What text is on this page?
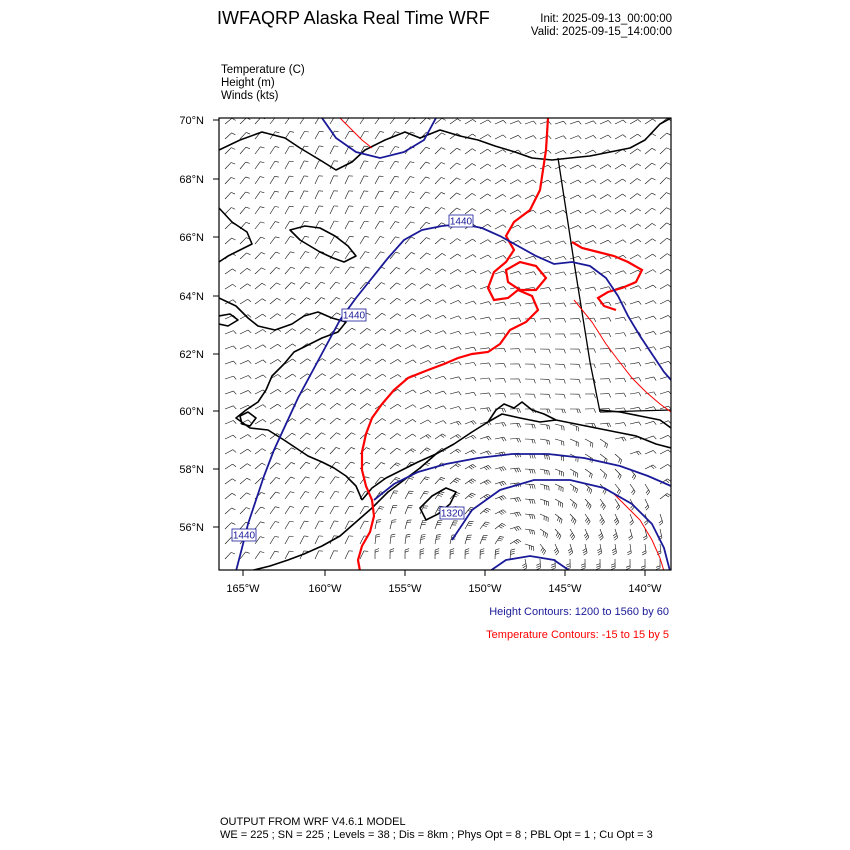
IWFAQRP Alaska Real Time WRF	Init: 2025-09-13_00:00:00
Valid: 2025-09-15_14:00:00
Temperature (C)
Height (m)
Winds (kts)
1440
1440
1440
1320
70°N
68°N
66°N
64°N
62°N
60°N
58°N
56°N
165°W	160°W	155°W	150°W	145°W	140°W
Height Contours: 1200 to 1560 by 60
Temperature Contours: -15 to 15 by 5
OUTPUT FROM WRF V4.6.1 MODEL
WE = 225 ; SN = 225 ; Levels = 38 ; Dis = 8km ; Phys Opt = 8 ; PBL Opt = 1 ; Cu Opt = 3
